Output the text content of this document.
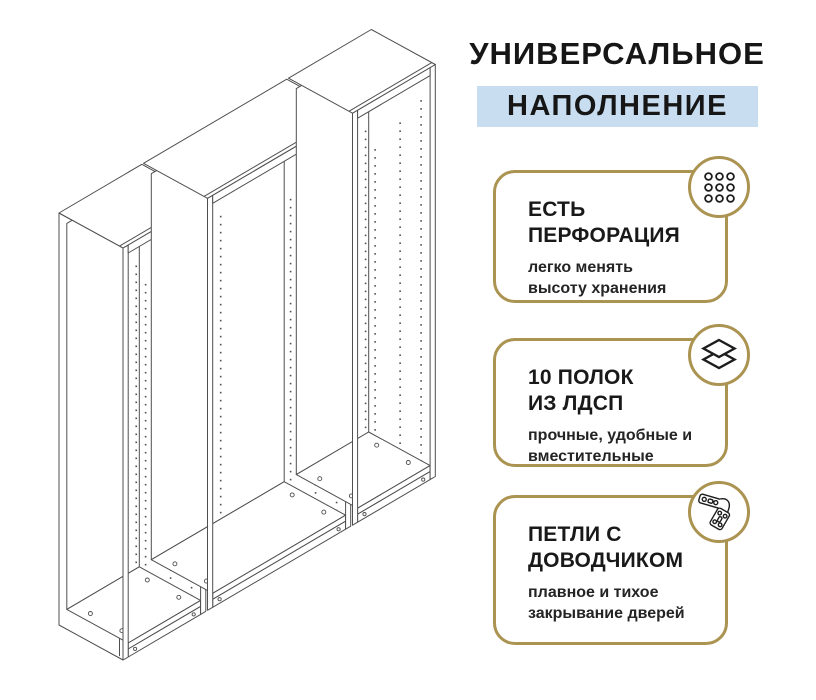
УНИВЕРСАЛЬНОЕ
НАПОЛНЕНИЕ
ЕСТЬ
ПЕРФОРАЦИЯ
легко менять
высоту хранения
10 ПОЛОК
ИЗ ЛДСП
прочные, удобные и
вместительные
ПЕТЛИ С
ДОВОДЧИКОМ
плавное и тихое
закрывание дверей
